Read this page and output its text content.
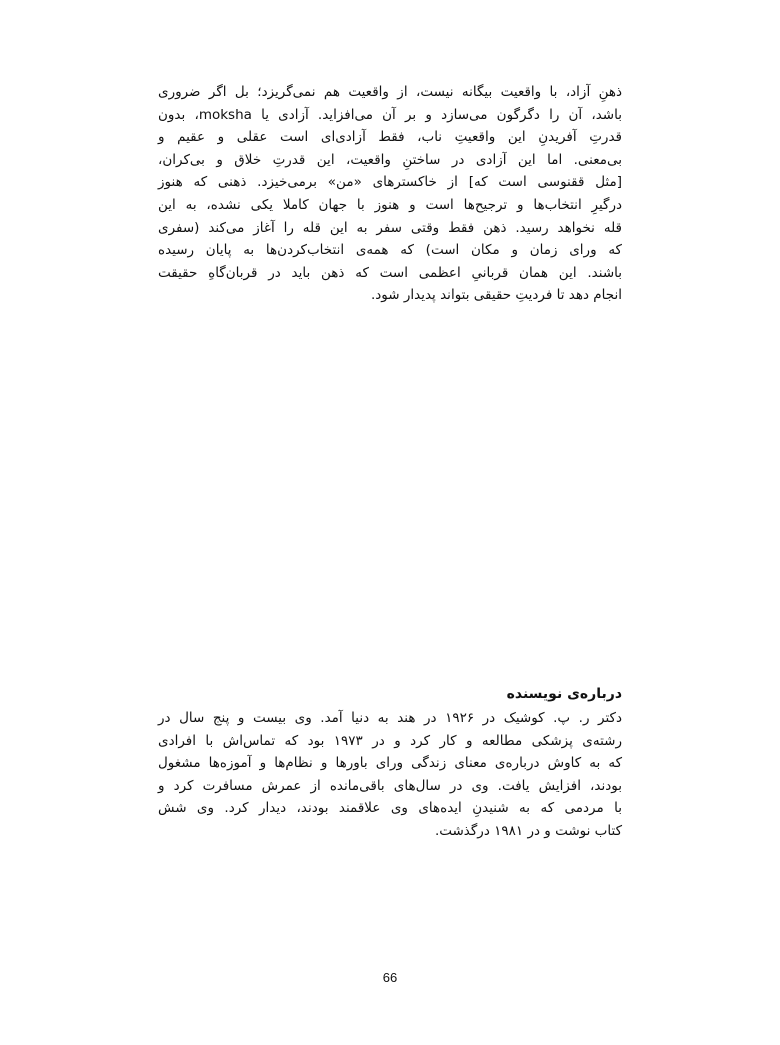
ذهنِ آزاد، با واقعیت بیگانه نیست، از واقعیت هم نمی‌گریزد؛ بل اگر ضروری
باشد، آن را دگرگون می‌سازد و بر آن می‌افزاید. آزادی یا moksha، بدون
قدرتِ آفریدنِ این واقعیتِ ناب، فقط آزادی‌ای است عقلی و عقیم و
بی‌معنی. اما این آزادی در ساختنِ واقعیت، این قدرتِ خلاق و بی‌کران،
[مثل ققنوسی است که] از خاکسترهای «من» برمی‌خیزد. ذهنی که هنوز
درگیرِ انتخاب‌ها و ترجیح‌ها است و هنوز با جهان کاملا یکی نشده، به این
قله نخواهد رسید. ذهن فقط وقتی سفر به این قله را آغاز می‌کند (سفری
که ورای زمان و مکان است) که همه‌ی انتخاب‌کردن‌ها به پایان رسیده
باشند. این همان قربانیِ اعظمی است که ذهن باید در قربان‌گاهِ حقیقت
انجام دهد تا فردیتِ حقیقی بتواند پدیدار شود.
درباره‌ی نویسنده
دکتر ر. پ. کوشیک در ۱۹۲۶ در هند به دنیا آمد. وی بیست و پنج سال در
رشته‌ی پزشکی مطالعه و کار کرد و در ۱۹۷۳ بود که تماس‌اش با افرادی
که به کاوش درباره‌ی معنای زندگی ورای باورها و نظام‌ها و آموزه‌ها مشغول
بودند، افزایش یافت. وی در سال‌های باقی‌مانده از عمرش مسافرت کرد و
با مردمی که به شنیدنِ ایده‌های وی علاقمند بودند، دیدار کرد. وی شش
کتاب نوشت و در ۱۹۸۱ درگذشت.
66
